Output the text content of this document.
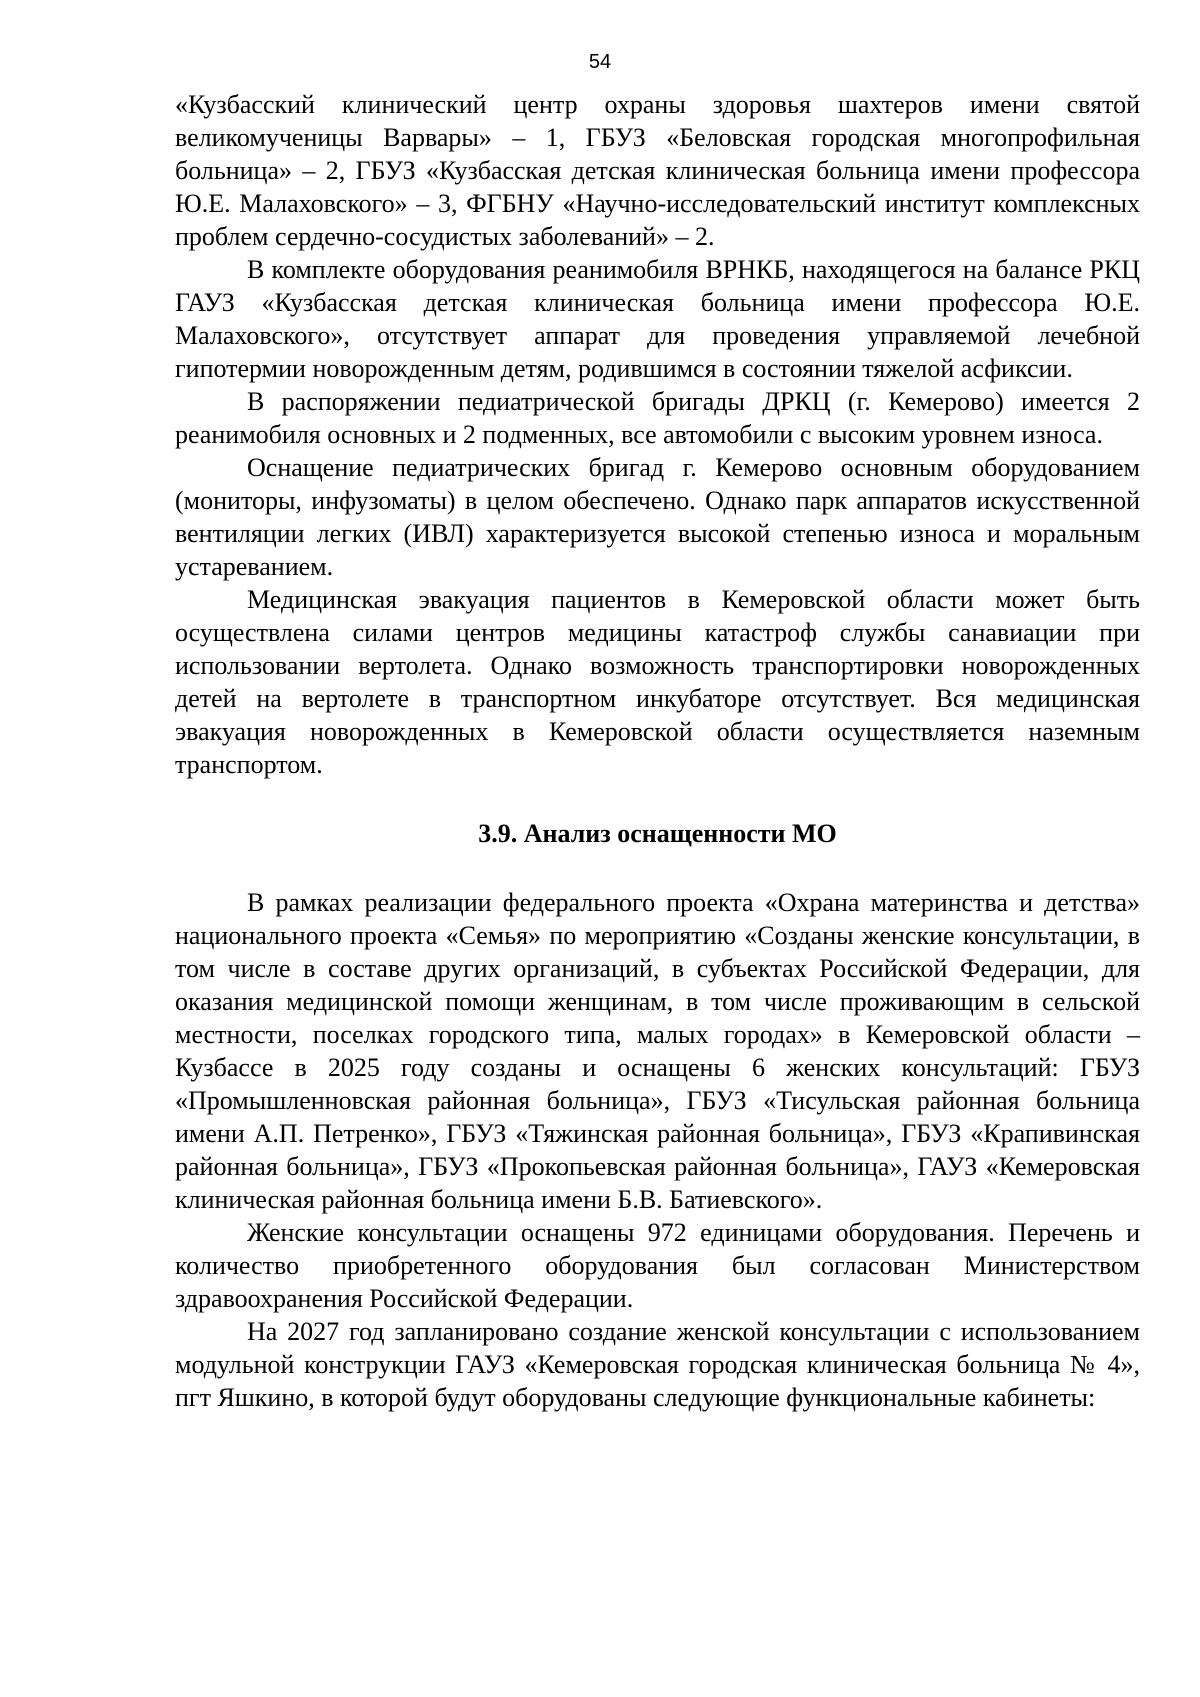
54

«Кузбасский клинический центр охраны здоровья шахтеров имени святой великомученицы Варвары» – 1, ГБУЗ «Беловская городская многопрофильная больница» – 2, ГБУЗ «Кузбасская детская клиническая больница имени профессора Ю.Е. Малаховского» – 3, ФГБНУ «Научно-исследовательский институт комплексных проблем сердечно-сосудистых заболеваний» – 2.

В комплекте оборудования реанимобиля ВРНКБ, находящегося на балансе РКЦ ГАУЗ «Кузбасская детская клиническая больница имени профессора Ю.Е. Малаховского», отсутствует аппарат для проведения управляемой лечебной гипотермии новорожденным детям, родившимся в состоянии тяжелой асфиксии.

В распоряжении педиатрической бригады ДРКЦ (г. Кемерово) имеется 2 реанимобиля основных и 2 подменных, все автомобили с высоким уровнем износа.

Оснащение педиатрических бригад г. Кемерово основным оборудованием (мониторы, инфузоматы) в целом обеспечено. Однако парк аппаратов искусственной вентиляции легких (ИВЛ) характеризуется высокой степенью износа и моральным устареванием.

Медицинская эвакуация пациентов в Кемеровской области может быть осуществлена силами центров медицины катастроф службы санавиации при использовании вертолета. Однако возможность транспортировки новорожденных детей на вертолете в транспортном инкубаторе отсутствует. Вся медицинская эвакуация новорожденных в Кемеровской области осуществляется наземным транспортом.

3.9. Анализ оснащенности МО

В рамках реализации федерального проекта «Охрана материнства и детства» национального проекта «Семья» по мероприятию «Созданы женские консультации, в том числе в составе других организаций, в субъектах Российской Федерации, для оказания медицинской помощи женщинам, в том числе проживающим в сельской местности, поселках городского типа, малых городах» в Кемеровской области – Кузбассе в 2025 году созданы и оснащены 6 женских консультаций: ГБУЗ «Промышленновская районная больница», ГБУЗ «Тисульская районная больница имени А.П. Петренко», ГБУЗ «Тяжинская районная больница», ГБУЗ «Крапивинская районная больница», ГБУЗ «Прокопьевская районная больница», ГАУЗ «Кемеровская клиническая районная больница имени Б.В. Батиевского».

Женские консультации оснащены 972 единицами оборудования. Перечень и количество приобретенного оборудования был согласован Министерством здравоохранения Российской Федерации.

На 2027 год запланировано создание женской консультации с использованием модульной конструкции ГАУЗ «Кемеровская городская клиническая больница № 4», пгт Яшкино, в которой будут оборудованы следующие функциональные кабинеты:
